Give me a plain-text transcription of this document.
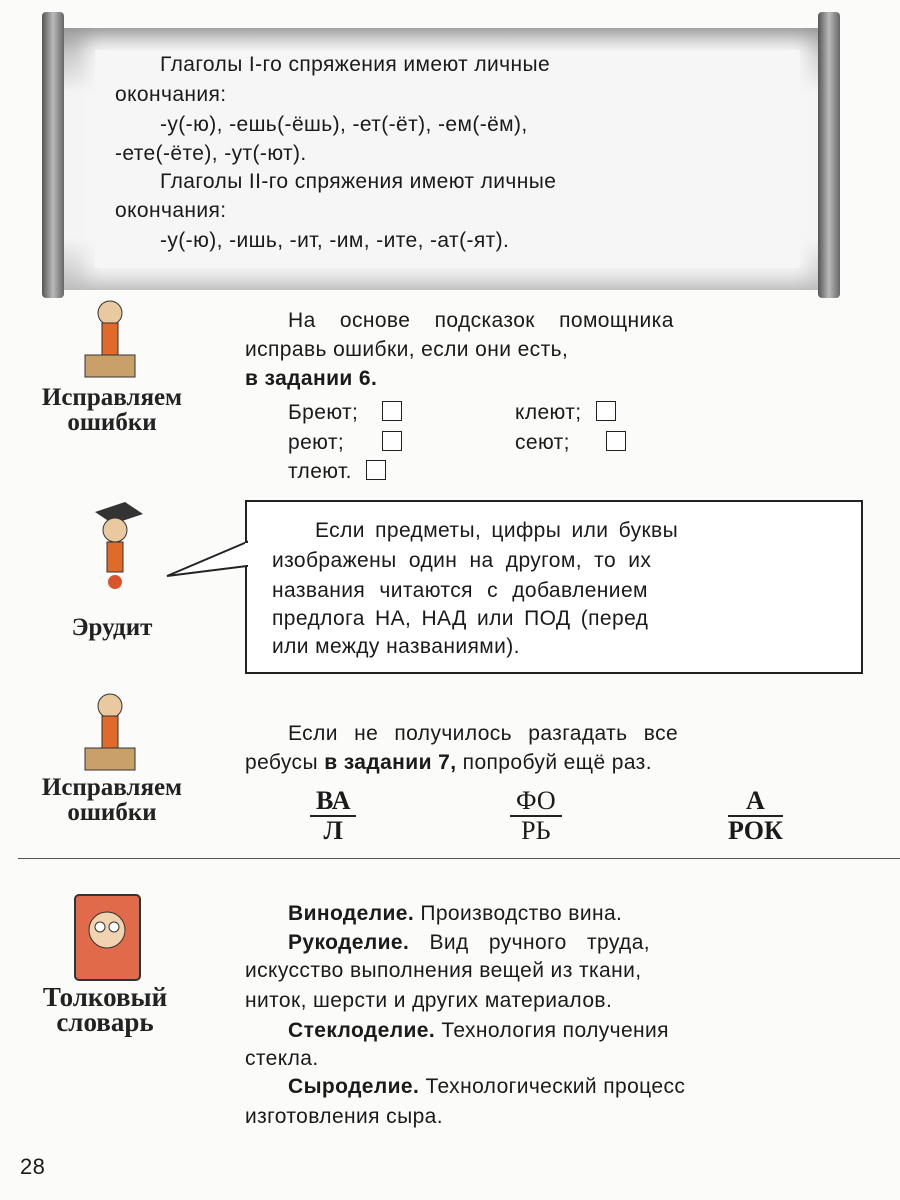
Глаголы I-го спряжения имеют личные
окончания:
-у(-ю), -ешь(-ёшь), -ет(-ёт), -ем(-ём),
-ете(-ёте), -ут(-ют).
Глаголы II-го спряжения имеют личные
окончания:
-у(-ю), -ишь, -ит, -им, -ите, -ат(-ят).
Исправляем
ошибки
На основе подсказок помощника
исправь ошибки, если они есть,
в задании 6.
Бреют;	клеют;
реют;	сеют;
тлеют.
Эрудит
Если предметы, цифры или буквы
изображены один на другом, то их
названия читаются с добавлением
предлога НА, НАД или ПОД (перед
или между названиями).
Исправляем
ошибки
Если не получилось разгадать все
ребусы в задании 7, попробуй ещё раз.
ВА
Л
ФО
РЬ
А
РОК
Толковый
словарь
Виноделие. Производство вина.
Рукоделие. Вид ручного труда,
искусство выполнения вещей из ткани,
ниток, шерсти и других материалов.
Стеклоделие. Технология получения
стекла.
Сыроделие. Технологический процесс
изготовления сыра.
28
